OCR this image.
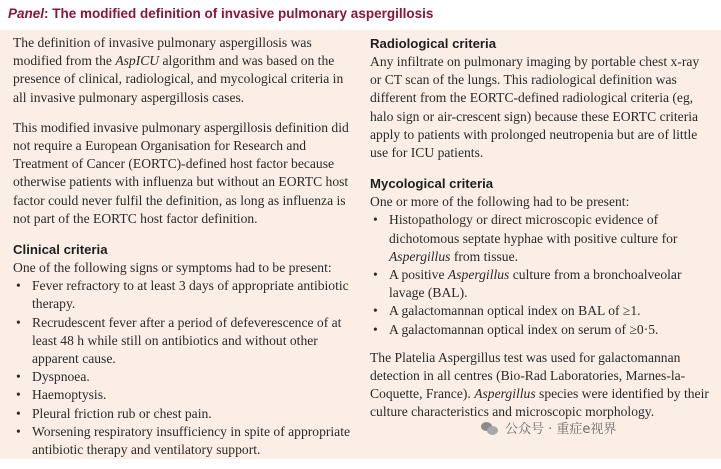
Panel: The modified definition of invasive pulmonary aspergillosis

The definition of invasive pulmonary aspergillosis was modified from the AspICU algorithm and was based on the presence of clinical, radiological, and mycological criteria in all invasive pulmonary aspergillosis cases.

This modified invasive pulmonary aspergillosis definition did not require a European Organisation for Research and Treatment of Cancer (EORTC)-defined host factor because otherwise patients with influenza but without an EORTC host factor could never fulfil the definition, as long as influenza is not part of the EORTC host factor definition.

Clinical criteria
One of the following signs or symptoms had to be present:
• Fever refractory to at least 3 days of appropriate antibiotic therapy.
• Recrudescent fever after a period of defeverescence of at least 48 h while still on antibiotics and without other apparent cause.
• Dyspnoea.
• Haemoptysis.
• Pleural friction rub or chest pain.
• Worsening respiratory insufficiency in spite of appropriate antibiotic therapy and ventilatory support.
Radiological criteria

Any infiltrate on pulmonary imaging by portable chest x-ray or CT scan of the lungs. This radiological definition was different from the EORTC-defined radiological criteria (eg, halo sign or air-crescent sign) because these EORTC criteria apply to patients with prolonged neutropenia but are of little use for ICU patients.

Mycological criteria
One or more of the following had to be present:
• Histopathology or direct microscopic evidence of dichotomous septate hyphae with positive culture for Aspergillus from tissue.
• A positive Aspergillus culture from a bronchoalveolar lavage (BAL).
• A galactomannan optical index on BAL of ≥1.
• A galactomannan optical index on serum of ≥0·5.

The Platelia Aspergillus test was used for galactomannan detection in all centres (Bio-Rad Laboratories, Marnes-la-Coquette, France). Aspergillus species were identified by their culture characteristics and microscopic morphology.

公众号 · 重症e视界
